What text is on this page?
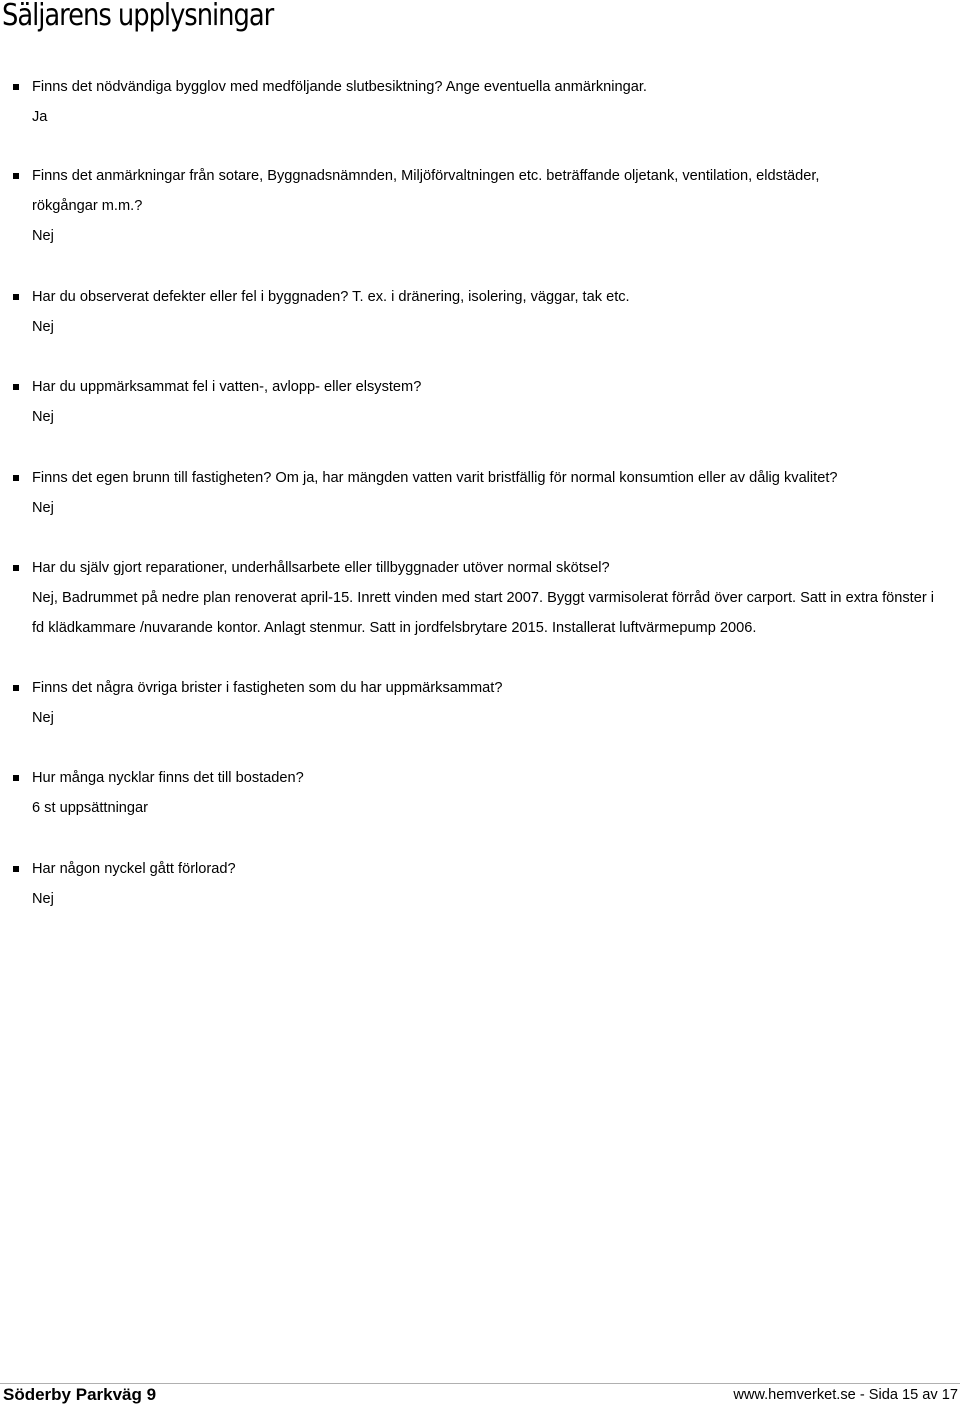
Säljarens upplysningar
Finns det nödvändiga bygglov med medföljande slutbesiktning? Ange eventuella anmärkningar.
Ja
Finns det anmärkningar från sotare, Byggnadsnämnden, Miljöförvaltningen etc. beträffande oljetank, ventilation, eldstäder,
rökgångar m.m.?
Nej
Har du observerat defekter eller fel i byggnaden? T. ex. i dränering, isolering, väggar, tak etc.
Nej
Har du uppmärksammat fel i vatten-, avlopp- eller elsystem?
Nej
Finns det egen brunn till fastigheten? Om ja, har mängden vatten varit bristfällig för normal konsumtion eller av dålig kvalitet?
Nej
Har du själv gjort reparationer, underhållsarbete eller tillbyggnader utöver normal skötsel?
Nej, Badrummet på nedre plan renoverat april-15. Inrett vinden med start 2007. Byggt varmisolerat förråd över carport. Satt in extra fönster i
fd klädkammare /nuvarande kontor. Anlagt stenmur. Satt in jordfelsbrytare 2015. Installerat luftvärmepump 2006.
Finns det några övriga brister i fastigheten som du har uppmärksammat?
Nej
Hur många nycklar finns det till bostaden?
6 st uppsättningar
Har någon nyckel gått förlorad?
Nej
Söderby Parkväg 9	www.hemverket.se - Sida 15 av 17
